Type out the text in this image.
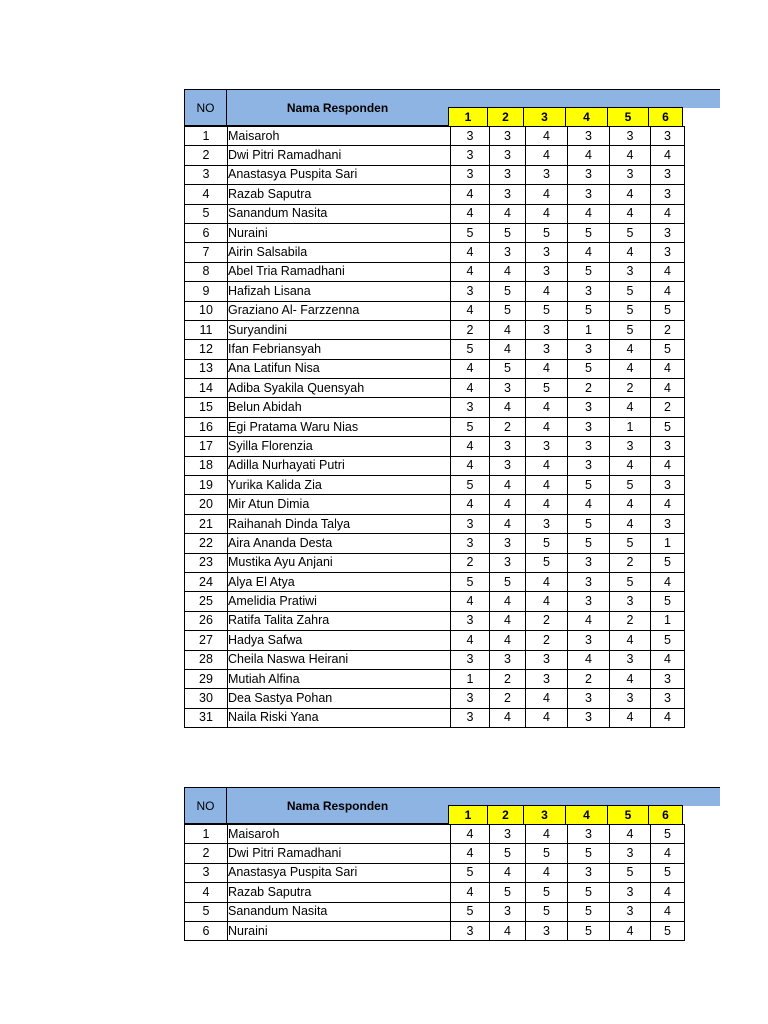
NO	Nama Responden
1	2	3	4	5	6
1	Maisaroh	3	3	4	3	3	3
2	Dwi Pitri Ramadhani	3	3	4	4	4	4
3	Anastasya Puspita Sari	3	3	3	3	3	3
4	Razab Saputra	4	3	4	3	4	3
5	Sanandum Nasita	4	4	4	4	4	4
6	Nuraini	5	5	5	5	5	3
7	Airin Salsabila	4	3	3	4	4	3
8	Abel Tria Ramadhani	4	4	3	5	3	4
9	Hafizah Lisana	3	5	4	3	5	4
10	Graziano Al- Farzzenna	4	5	5	5	5	5
11	Suryandini	2	4	3	1	5	2
12	Ifan Febriansyah	5	4	3	3	4	5
13	Ana Latifun Nisa	4	5	4	5	4	4
14	Adiba Syakila Quensyah	4	3	5	2	2	4
15	Belun Abidah	3	4	4	3	4	2
16	Egi Pratama Waru Nias	5	2	4	3	1	5
17	Syilla Florenzia	4	3	3	3	3	3
18	Adilla Nurhayati Putri	4	3	4	3	4	4
19	Yurika Kalida Zia	5	4	4	5	5	3
20	Mir Atun Dimia	4	4	4	4	4	4
21	Raihanah Dinda Talya	3	4	3	5	4	3
22	Aira Ananda Desta	3	3	5	5	5	1
23	Mustika Ayu Anjani	2	3	5	3	2	5
24	Alya El Atya	5	5	4	3	5	4
25	Amelidia Pratiwi	4	4	4	3	3	5
26	Ratifa Talita Zahra	3	4	2	4	2	1
27	Hadya Safwa	4	4	2	3	4	5
28	Cheila Naswa Heirani	3	3	3	4	3	4
29	Mutiah Alfina	1	2	3	2	4	3
30	Dea Sastya Pohan	3	2	4	3	3	3
31	Naila Riski Yana	3	4	4	3	4	4
NO	Nama Responden
1	2	3	4	5	6
1	Maisaroh	4	3	4	3	4	5
2	Dwi Pitri Ramadhani	4	5	5	5	3	4
3	Anastasya Puspita Sari	5	4	4	3	5	5
4	Razab Saputra	4	5	5	5	3	4
5	Sanandum Nasita	5	3	5	5	3	4
6	Nuraini	3	4	3	5	4	5
